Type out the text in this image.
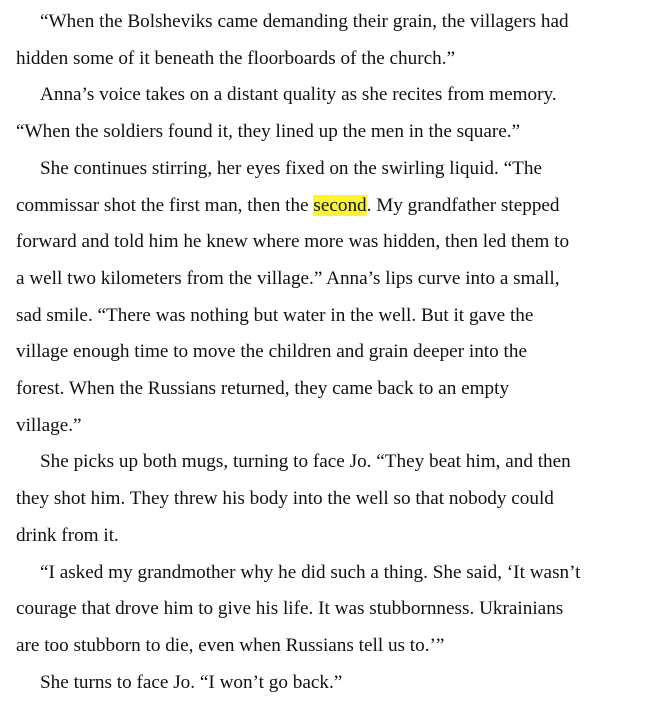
“When the Bolsheviks came demanding their grain, the villagers had
hidden some of it beneath the floorboards of the church.”

Anna’s voice takes on a distant quality as she recites from memory.
“When the soldiers found it, they lined up the men in the square.”

She continues stirring, her eyes fixed on the swirling liquid. “The
commissar shot the first man, then the second. My grandfather stepped
forward and told him he knew where more was hidden, then led them to
a well two kilometers from the village.” Anna’s lips curve into a small,
sad smile. “There was nothing but water in the well. But it gave the
village enough time to move the children and grain deeper into the
forest. When the Russians returned, they came back to an empty
village.”

She picks up both mugs, turning to face Jo. “They beat him, and then
they shot him. They threw his body into the well so that nobody could
drink from it.

“I asked my grandmother why he did such a thing. She said, ‘It wasn’t
courage that drove him to give his life. It was stubbornness. Ukrainians
are too stubborn to die, even when Russians tell us to.’”

She turns to face Jo. “I won’t go back.”
